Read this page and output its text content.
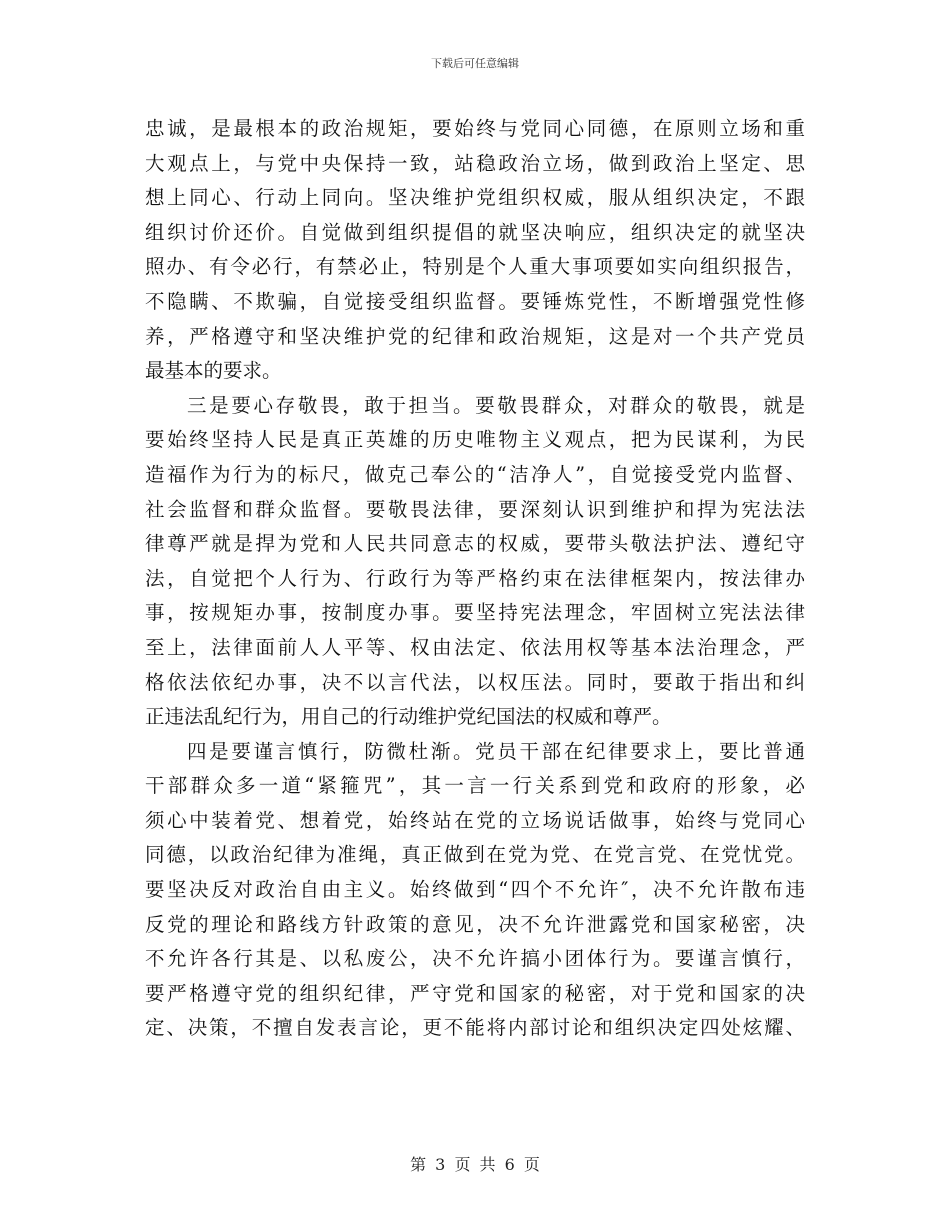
下载后可任意编辑
忠诚，是最根本的政治规矩，要始终与党同心同德，在原则立场和重
大观点上，与党中央保持一致，站稳政治立场，做到政治上坚定、思
想上同心、行动上同向。坚决维护党组织权威，服从组织决定，不跟
组织讨价还价。自觉做到组织提倡的就坚决响应，组织决定的就坚决
照办、有令必行，有禁必止，特别是个人重大事项要如实向组织报告，
不隐瞒、不欺骗，自觉接受组织监督。要锤炼党性，不断增强党性修
养，严格遵守和坚决维护党的纪律和政治规矩，这是对一个共产党员
最基本的要求。
三是要心存敬畏，敢于担当。要敬畏群众，对群众的敬畏，就是
要始终坚持人民是真正英雄的历史唯物主义观点，把为民谋利，为民
造福作为行为的标尺，做克己奉公的“洁净人”，自觉接受党内监督、
社会监督和群众监督。要敬畏法律，要深刻认识到维护和捍为宪法法
律尊严就是捍为党和人民共同意志的权威，要带头敬法护法、遵纪守
法，自觉把个人行为、行政行为等严格约束在法律框架内，按法律办
事，按规矩办事，按制度办事。要坚持宪法理念，牢固树立宪法法律
至上，法律面前人人平等、权由法定、依法用权等基本法治理念，严
格依法依纪办事，决不以言代法，以权压法。同时，要敢于指出和纠
正违法乱纪行为，用自己的行动维护党纪国法的权威和尊严。
四是要谨言慎行，防微杜渐。党员干部在纪律要求上，要比普通
干部群众多一道“紧箍咒”，其一言一行关系到党和政府的形象，必
须心中装着党、想着党，始终站在党的立场说话做事，始终与党同心
同德，以政治纪律为准绳，真正做到在党为党、在党言党、在党忧党。
要坚决反对政治自由主义。始终做到“四个不允许″，决不允许散布违
反党的理论和路线方针政策的意见，决不允许泄露党和国家秘密，决
不允许各行其是、以私废公，决不允许搞小团体行为。要谨言慎行，
要严格遵守党的组织纪律，严守党和国家的秘密，对于党和国家的决
定、决策，不擅自发表言论，更不能将内部讨论和组织决定四处炫耀、
第 3 页 共 6 页
